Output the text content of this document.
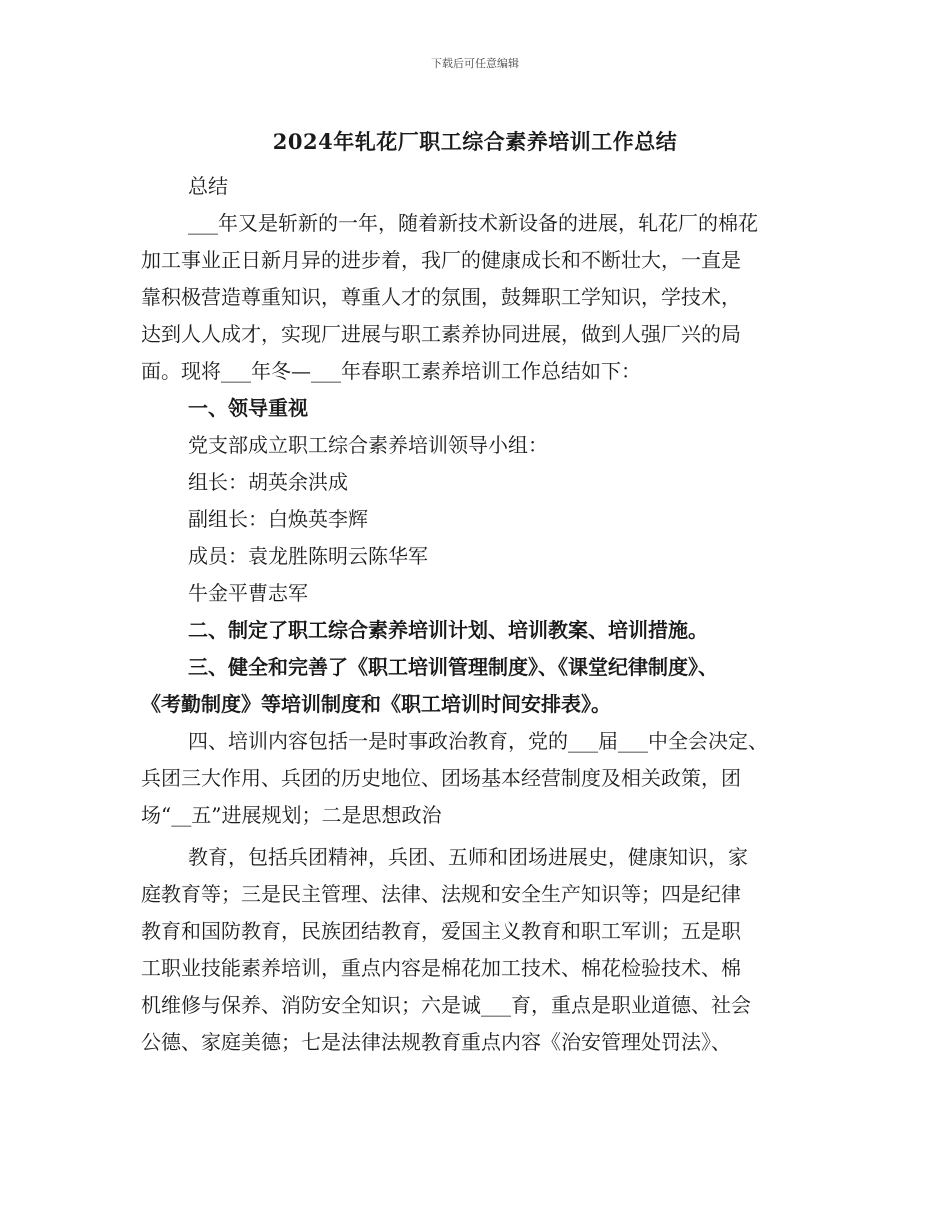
下载后可任意编辑
2024年轧花厂职工综合素养培训工作总结
总结
___年又是斩新的一年，随着新技术新设备的进展，轧花厂的棉花
加工事业正日新月异的进步着，我厂的健康成长和不断壮大，一直是
靠积极营造尊重知识，尊重人才的氛围，鼓舞职工学知识，学技术，
达到人人成才，实现厂进展与职工素养协同进展，做到人强厂兴的局
面。现将___年冬—___年春职工素养培训工作总结如下：
一、领导重视
党支部成立职工综合素养培训领导小组：
组长：胡英余洪成
副组长：白焕英李辉
成员：袁龙胜陈明云陈华军
牛金平曹志军
二、制定了职工综合素养培训计划、培训教案、培训措施。
三、健全和完善了《职工培训管理制度》、《课堂纪律制度》、
《考勤制度》等培训制度和《职工培训时间安排表》。
四、培训内容包括一是时事政治教育，党的___届___中全会决定、
兵团三大作用、兵团的历史地位、团场基本经营制度及相关政策，团
场“__五”进展规划；二是思想政治
教育，包括兵团精神，兵团、五师和团场进展史，健康知识，家
庭教育等；三是民主管理、法律、法规和安全生产知识等；四是纪律
教育和国防教育，民族团结教育，爱国主义教育和职工军训；五是职
工职业技能素养培训，重点内容是棉花加工技术、棉花检验技术、棉
机维修与保养、消防安全知识；六是诚___育，重点是职业道德、社会
公德、家庭美德；七是法律法规教育重点内容《治安管理处罚法》、
